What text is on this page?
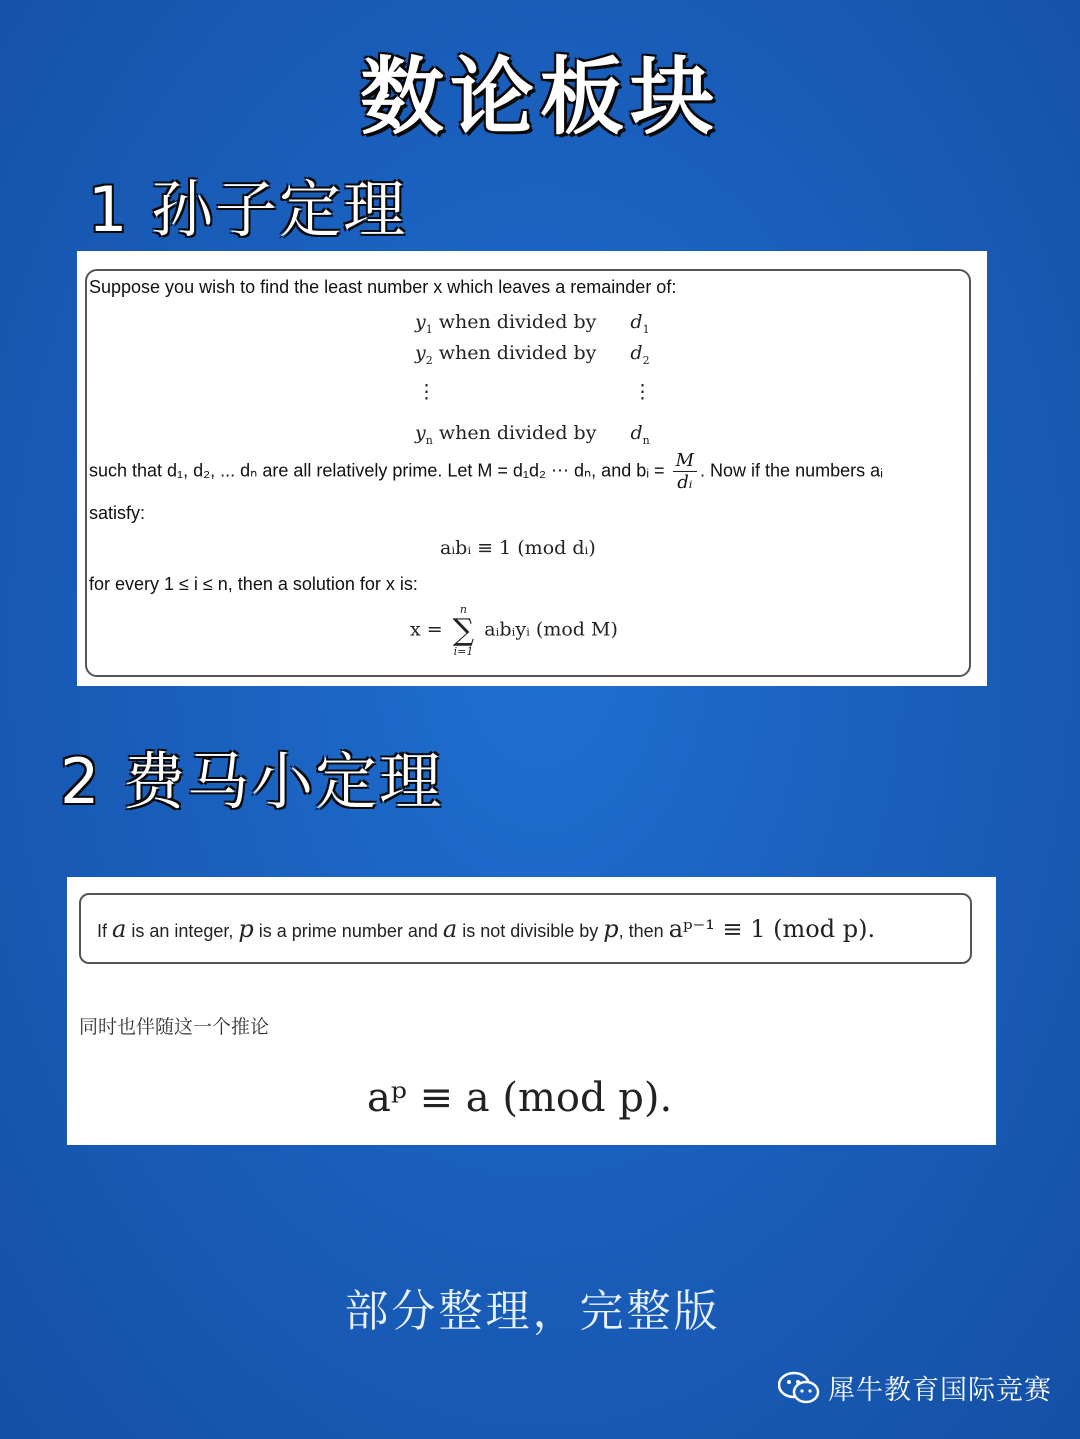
数论板块
1 孙子定理
Suppose you wish to find the least number x which leaves a remainder of:
$y_1$ when divided by $d_1$
$y_2$ when divided by $d_2$
⋮	⋮
$y_n$ when divided by $d_n$
such that d₁, d₂, ... dₙ are all relatively prime. Let M = d₁d₂ ⋯ dₙ, and bᵢ = $\frac{M}{\text{dᵢ}}$ . Now if the numbers aᵢ
satisfy:
aᵢbᵢ ≡ 1 (mod dᵢ)
for every 1 ≤ i ≤ n, then a solution for x is:
x = ∑
n
i=1
aᵢbᵢyᵢ (mod M)
2 费马小定理
If a is an integer, p is a prime number and a is not divisible by p, then aᵖ⁻¹ ≡ 1 (mod p).
同时也伴随这一个推论
aᵖ ≡ a (mod p).
部分整理，完整版
犀牛教育国际竞赛
